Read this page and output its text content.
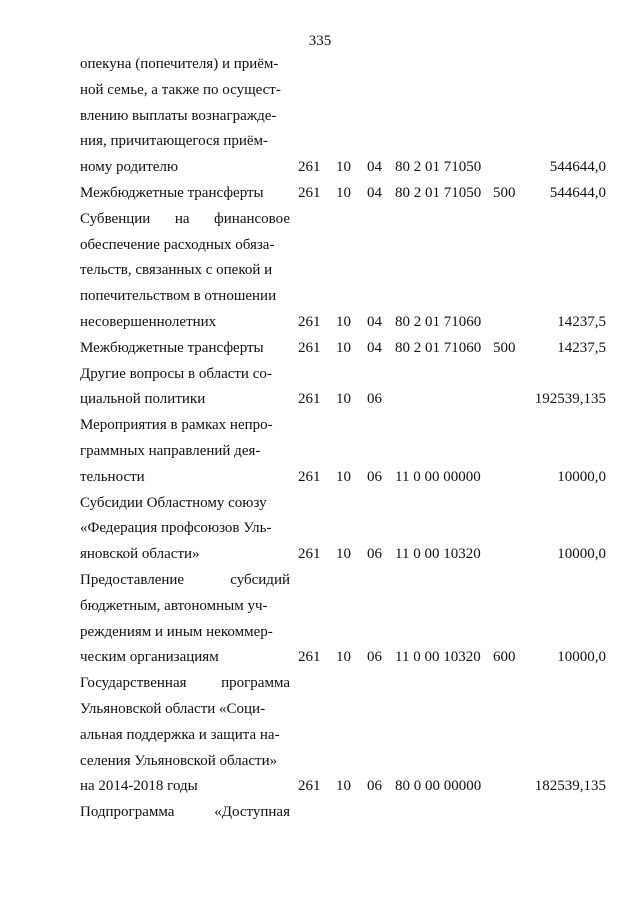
335
опекуна (попечителя) и приём-
ной семье, а также по осущест-
влению выплаты вознагражде-
ния, причитающегося приём-
ному родителю	261 10 04 80 2 01 71050	544644,0
Межбюджетные трансферты	261 10 04 80 2 01 71050 500 544644,0
Субвенции на финансовое
обеспечение расходных обяза-
тельств, связанных с опекой и
попечительством в отношении
несовершеннолетних	261 10 04 80 2 01 71060	14237,5
Межбюджетные трансферты	261 10 04 80 2 01 71060 500	14237,5
Другие вопросы в области со-
циальной политики	261 10 06	192539,135
Мероприятия в рамках непро-
граммных направлений дея-
тельности	261 10 06 11 0 00 00000	10000,0
Субсидии Областному союзу
«Федерация профсоюзов Уль-
яновской области»	261 10 06 11 0 00 10320	10000,0
Предоставление субсидий
бюджетным, автономным уч-
реждениям и иным некоммер-
ческим организациям	261 10 06 11 0 00 10320 600	10000,0
Государственная программа
Ульяновской области «Соци-
альная поддержка и защита на-
селения Ульяновской области»
на 2014-2018 годы	261 10 06 80 0 00 00000	182539,135
Подпрограмма «Доступная
